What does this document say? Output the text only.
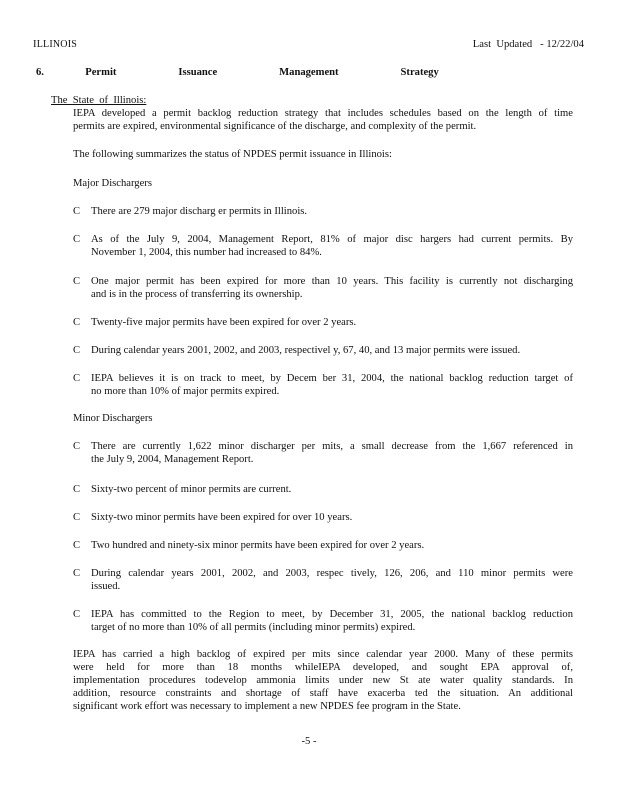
ILLINOIS	Last  Updated   - 12/22/04
6.  Permit   Issuance   Management   Strategy
The  State  of  Illinois:
IEPA developed a permit backlog reduction strategy that includes schedules based on the length of time
permits are expired, environmental significance of the discharge, and complexity of the permit.
The following summarizes the status of NPDES permit issuance in Illinois:
Major Dischargers
C	There are 279 major discharg er permits in Illinois.
C	As of the July 9, 2004, Management Report, 81% of major disc hargers had current permits. By
November 1, 2004, this number had increased to 84%.
C	One major permit has been expired for more than 10 years. This facility is currently not discharging
and is in the process of transferring its ownership.
C	Twenty-five major permits have been expired for over 2 years.
C	During calendar years 2001, 2002, and 2003, respectivel y, 67, 40, and 13 major permits were issued.
C	IEPA believes it is on track to meet, by Decem ber 31, 2004, the national backlog reduction target of
no more than 10% of major permits expired.
Minor Dischargers
C	There are currently 1,622 minor discharger per mits, a small decrease from the 1,667 referenced in
the July 9, 2004, Management Report.
C	Sixty-two percent of minor permits are current.
C	Sixty-two minor permits have been expired for over 10 years.
C	Two hundred and ninety-six minor permits have been expired for over 2 years.
C	During calendar years 2001, 2002, and 2003, respec tively, 126, 206, and 110 minor permits were
issued.
C	IEPA has committed to the Region to meet, by December 31, 2005, the national backlog reduction
target of no more than 10% of all permits (including minor permits) expired.
IEPA has carried a high backlog of expired per mits since calendar year 2000. Many of these permits
were held for more than 18 months whileIEPA developed, and sought EPA approval of,
implementation procedures todevelop ammonia limits under new St ate water quality standards. In
addition, resource constraints and shortage of staff have exacerba ted the situation. An additional
significant work effort was necessary to implement a new NPDES fee program in the State.
-5 -
